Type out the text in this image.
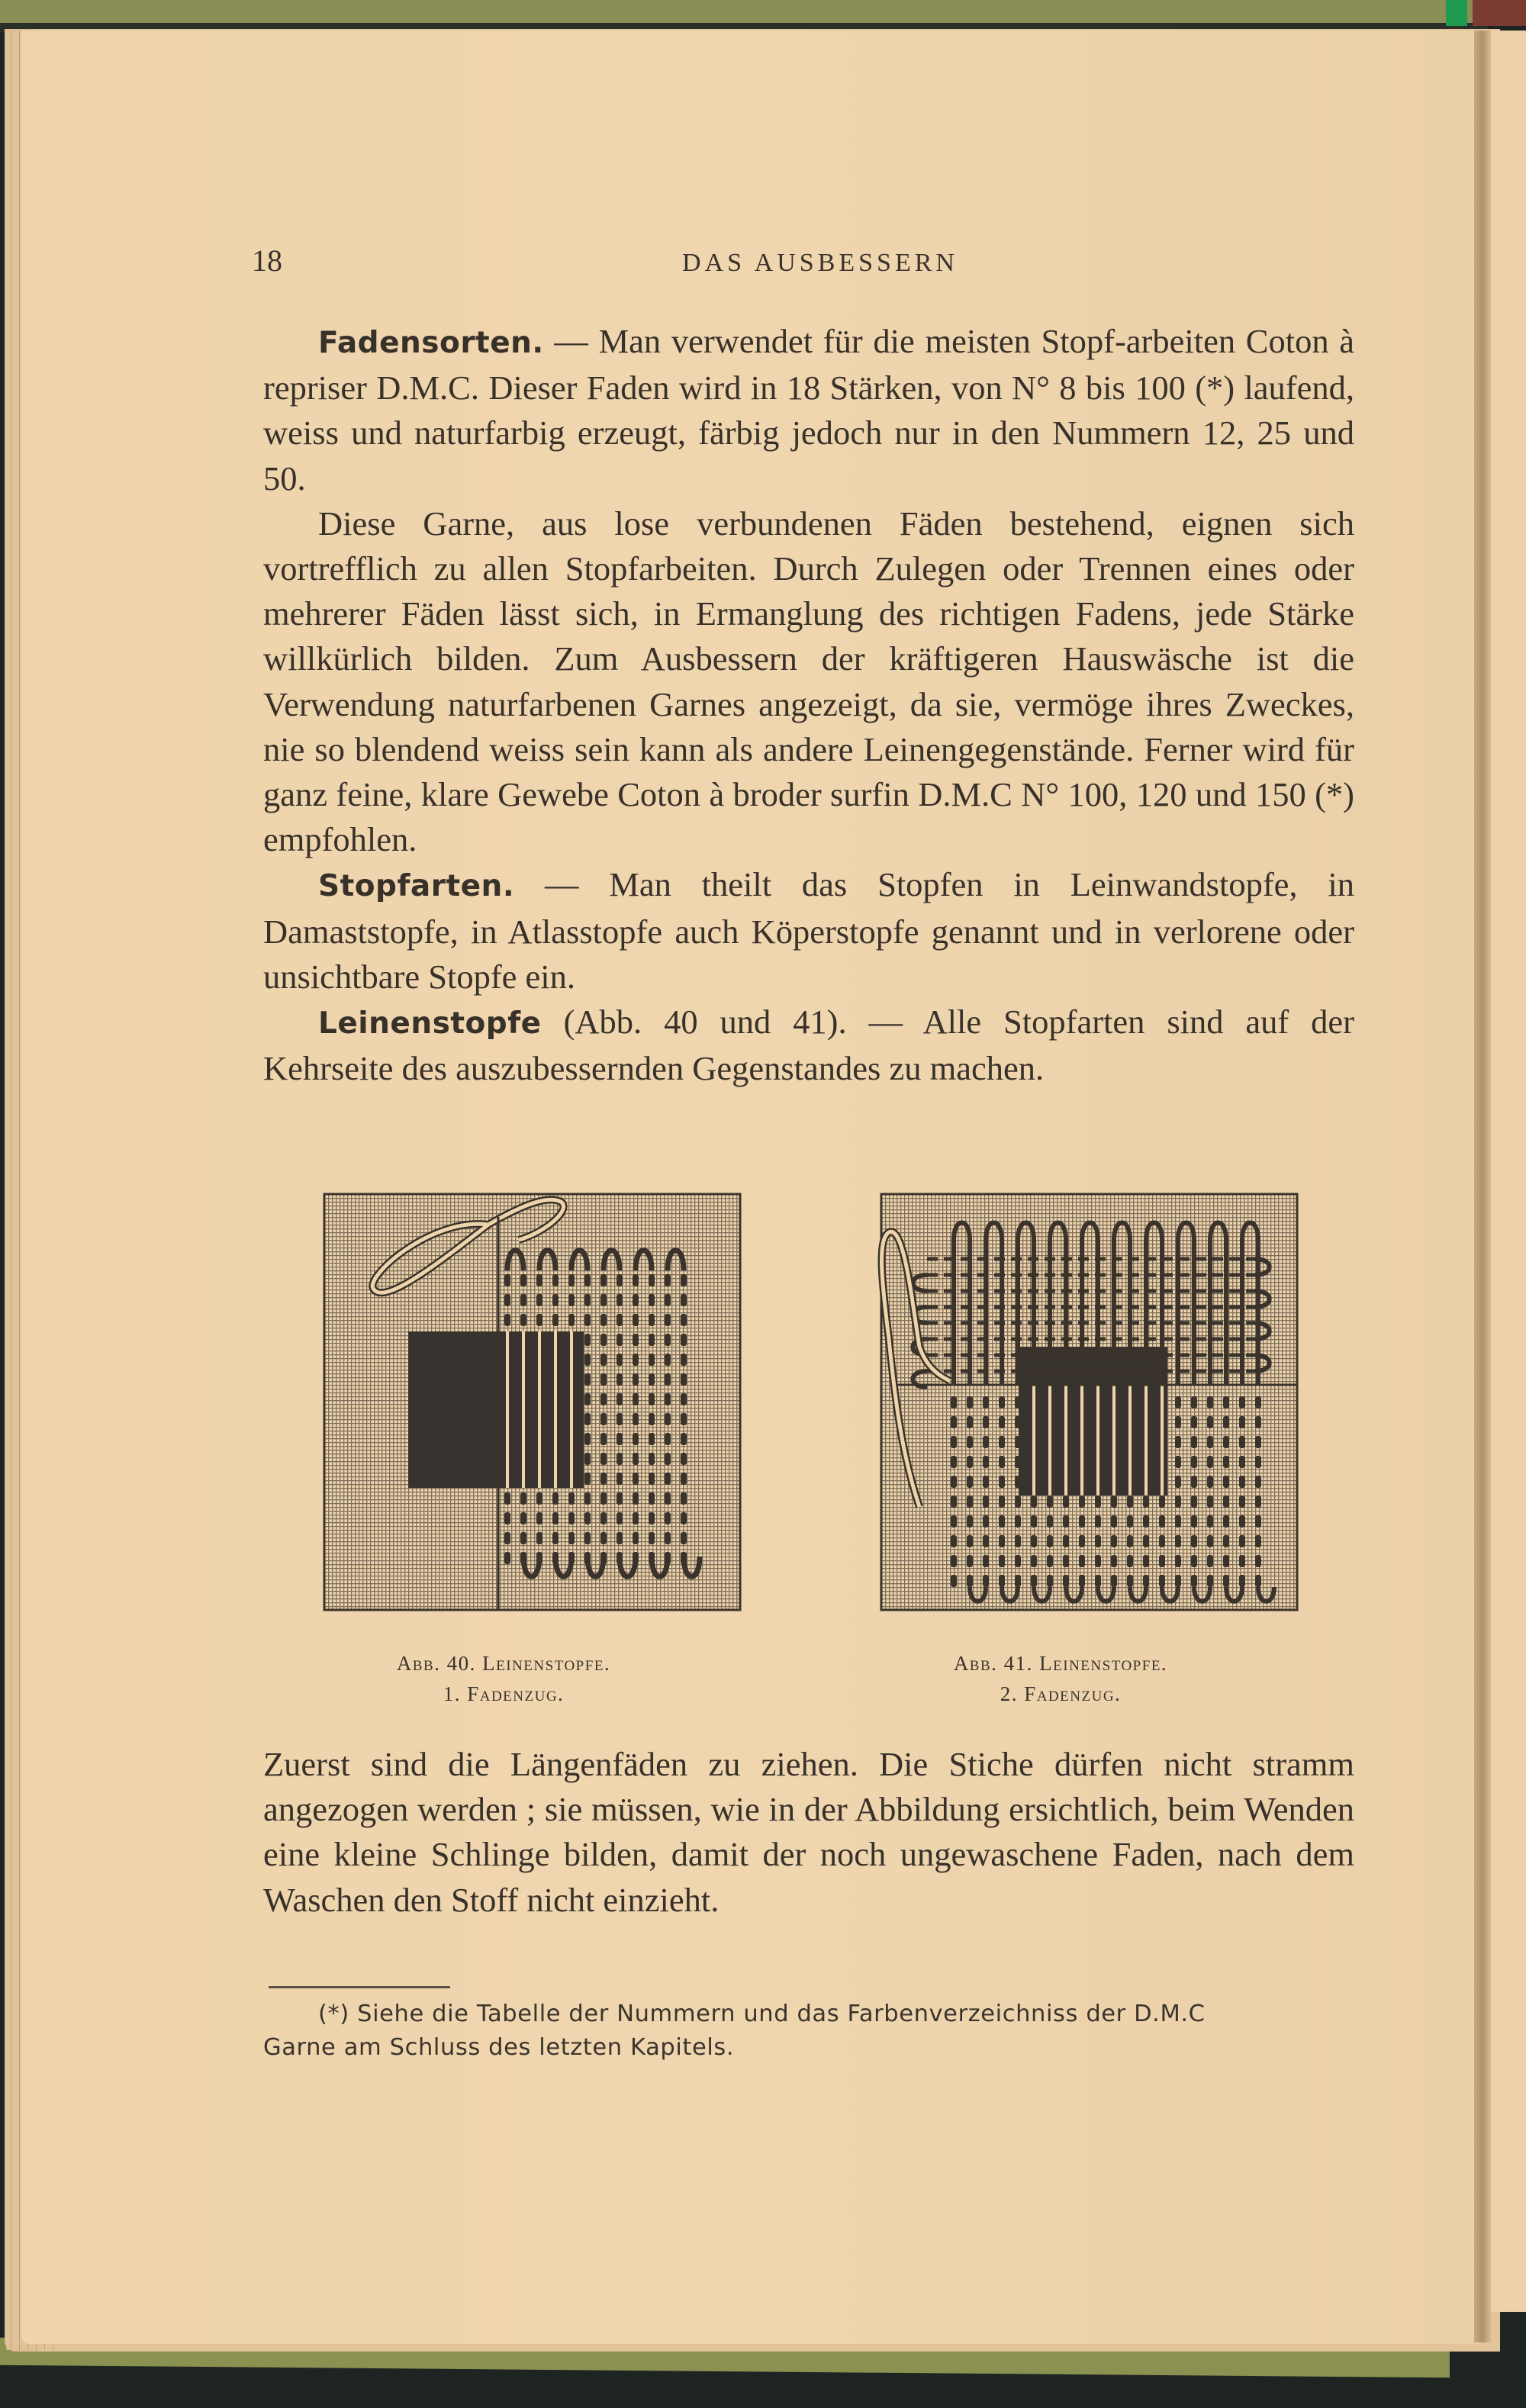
18	DAS AUSBESSERN

Fadensorten. — Man verwendet für die meisten Stopf-arbeiten Coton à repriser D.M.C. Dieser Faden wird in 18 Stärken, von N° 8 bis 100 (*) laufend, weiss und naturfarbig erzeugt, färbig jedoch nur in den Nummern 12, 25 und 50.

Diese Garne, aus lose verbundenen Fäden bestehend, eignen sich vortrefflich zu allen Stopfarbeiten. Durch Zulegen oder Trennen eines oder mehrerer Fäden lässt sich, in Ermanglung des richtigen Fadens, jede Stärke willkürlich bilden. Zum Ausbessern der kräftigeren Hauswäsche ist die Verwendung naturfarbenen Garnes angezeigt, da sie, vermöge ihres Zweckes, nie so blendend weiss sein kann als andere Leinengegenstände. Ferner wird für ganz feine, klare Gewebe Coton à broder surfin D.M.C N° 100, 120 und 150 (*) empfohlen.

Stopfarten. — Man theilt das Stopfen in Leinwandstopfe, in Damaststopfe, in Atlasstopfe auch Köperstopfe genannt und in verlorene oder unsichtbare Stopfe ein.

Leinenstopfe (Abb. 40 und 41). — Alle Stopfarten sind auf der Kehrseite des auszubessernden Gegenstandes zu machen.

Abb. 40. Leinenstopfe.
1. Fadenzug.
Abb. 41. Leinenstopfe.
2. Fadenzug.

Zuerst sind die Längenfäden zu ziehen. Die Stiche dürfen nicht stramm angezogen werden ; sie müssen, wie in der Abbildung ersichtlich, beim Wenden eine kleine Schlinge bilden, damit der noch ungewaschene Faden, nach dem Waschen den Stoff nicht einzieht.

(*) Siehe die Tabelle der Nummern und das Farbenverzeichniss der D.M.C

Garne am Schluss des letzten Kapitels.
